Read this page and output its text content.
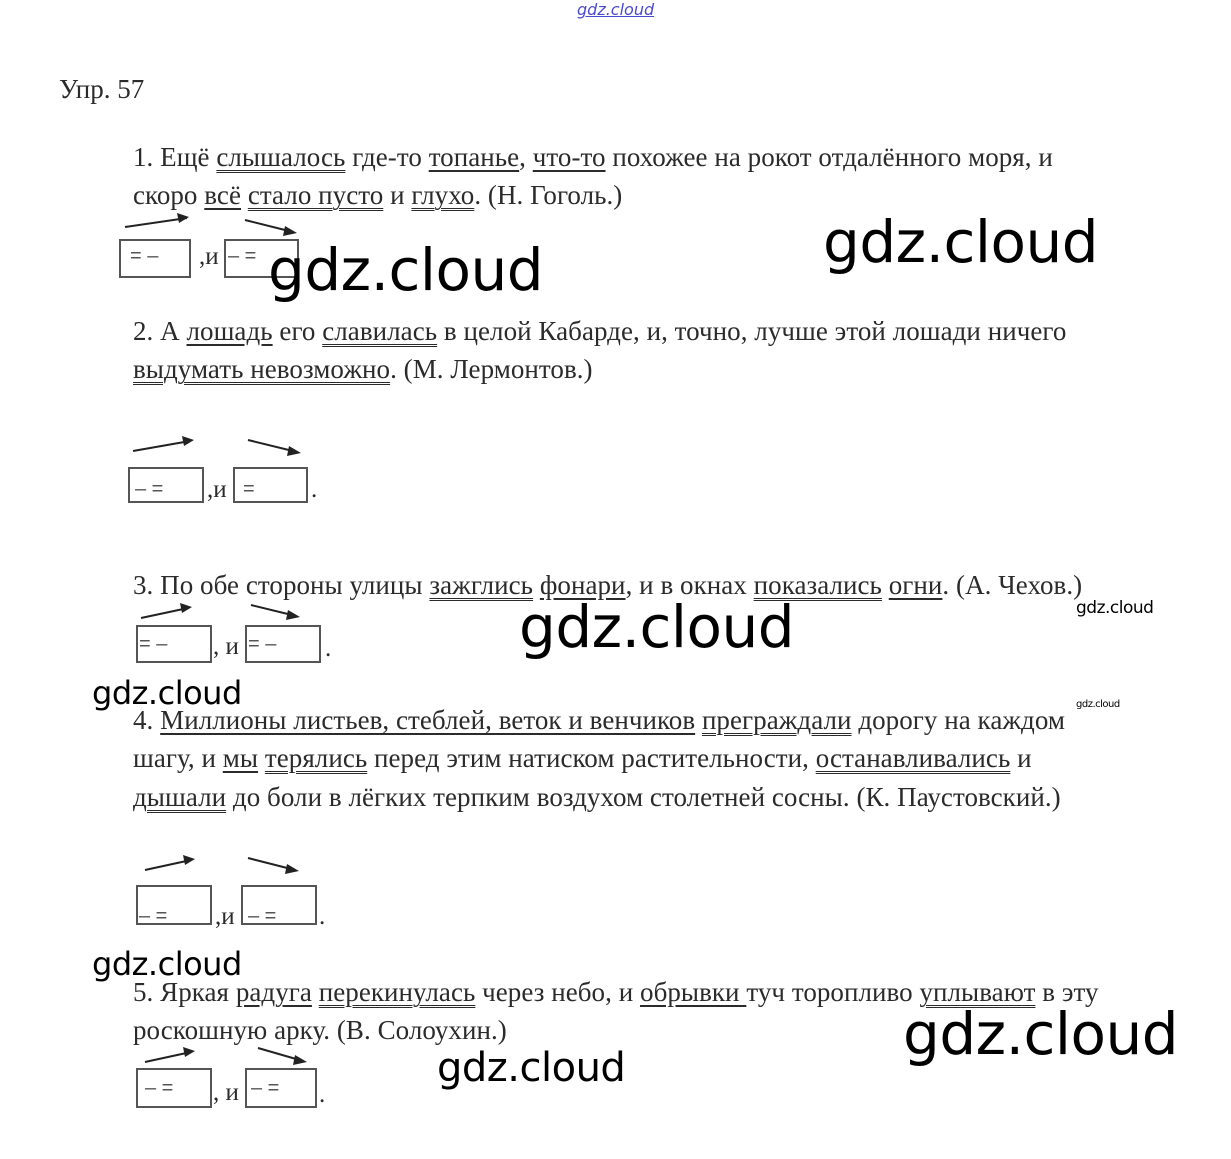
gdz.cloud
Упр. 57
1. Ещё слышалось где-то топанье, что-то похожее на рокот отдалённого моря, и
скоро всё стало пусто и глухо. (Н. Гоголь.)
2. А лошадь его славилась в целой Кабарде, и, точно, лучше этой лошади ничего
выдумать невозможно. (М. Лермонтов.)
3. По обе стороны улицы зажглись фонари, и в окнах показались огни. (А. Чехов.)
4. Миллионы листьев, стеблей, веток и венчиков преграждали дорогу на каждом
шагу, и мы терялись перед этим натиском растительности, останавливались и
дышали до боли в лёгких терпким воздухом столетней сосны. (К. Паустовский.)
5. Яркая радуга перекинулась через небо, и обрывки туч торопливо уплывают в эту
роскошную арку. (В. Солоухин.)
= – ,и – =
– = ,и = .
= – , и = – .
– = ,и – = .
– = , и – = .
gdz.cloud	gdz.cloud
gdz.cloud	gdz.cloud
gdz.cloud	gdz.cloud
gdz.cloud
gdz.cloud
gdz.cloud
